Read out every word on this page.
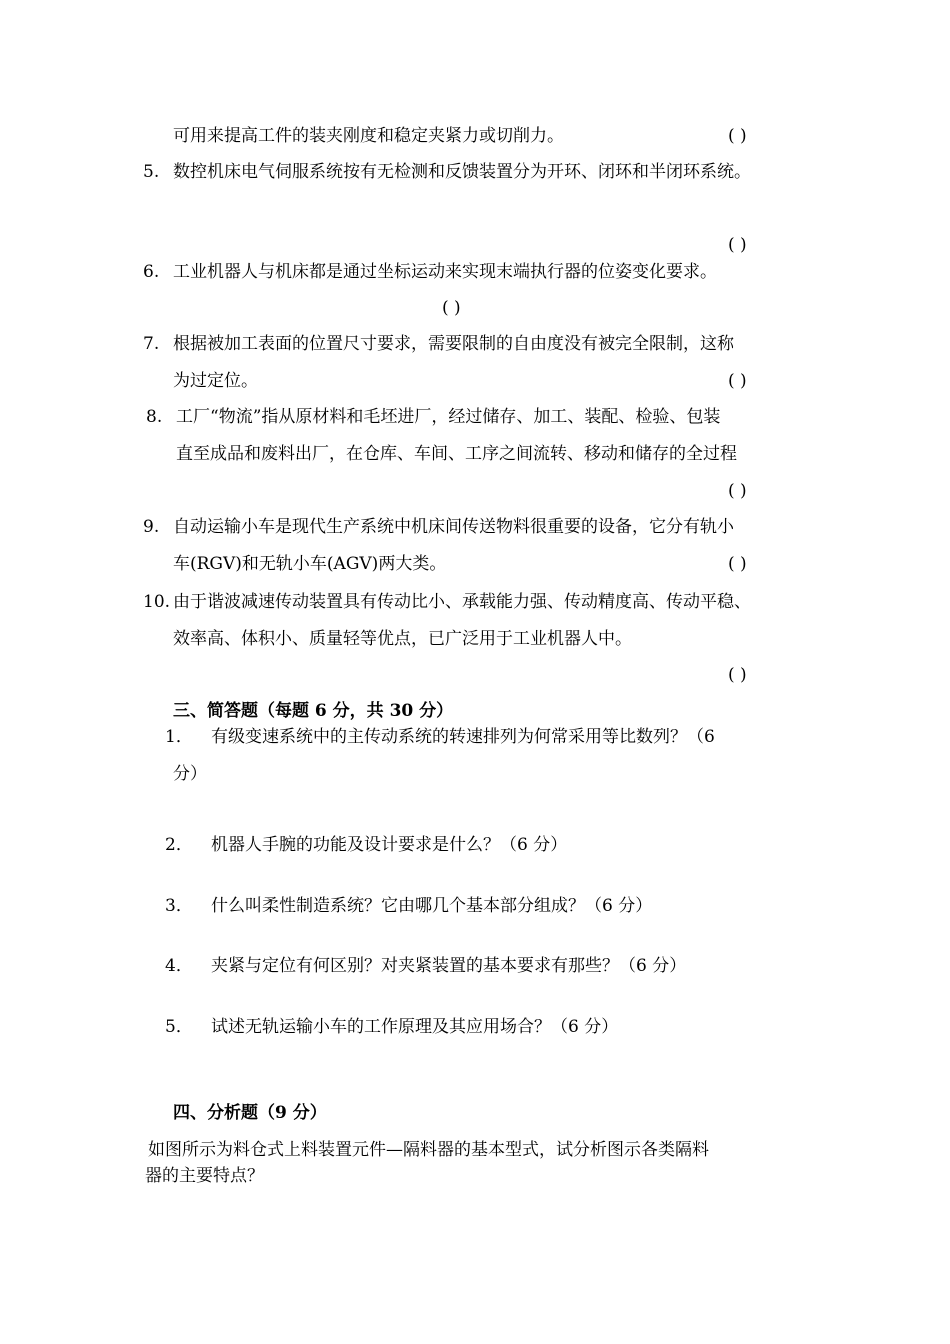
可用来提高工件的装夹刚度和稳定夹紧力或切削力。	( )
5. 数控机床电气伺服系统按有无检测和反馈装置分为开环、闭环和半闭环系统。
( )
6. 工业机器人与机床都是通过坐标运动来实现末端执行器的位姿变化要求。
( )
7. 根据被加工表面的位置尺寸要求，需要限制的自由度没有被完全限制，这称
为过定位。	( )
8. 工厂“物流”指从原材料和毛坯进厂，经过储存、加工、装配、检验、包装
直至成品和废料出厂，在仓库、车间、工序之间流转、移动和储存的全过程
( )
9. 自动运输小车是现代生产系统中机床间传送物料很重要的设备，它分有轨小
车(RGV)和无轨小车(AGV)两大类。	( )
10. 由于谐波减速传动装置具有传动比小、承载能力强、传动精度高、传动平稳、
效率高、体积小、质量轻等优点，已广泛用于工业机器人中。
( )
三、简答题（每题 6 分，共 30 分）
1． 有级变速系统中的主传动系统的转速排列为何常采用等比数列？（6
分）
2． 机器人手腕的功能及设计要求是什么？（6 分）
3． 什么叫柔性制造系统？它由哪几个基本部分组成？（6 分）
4． 夹紧与定位有何区别？对夹紧装置的基本要求有那些？（6 分）
5． 试述无轨运输小车的工作原理及其应用场合？（6 分）
四、分析题（9 分）
如图所示为料仓式上料装置元件—隔料器的基本型式，试分析图示各类隔料
器的主要特点？
